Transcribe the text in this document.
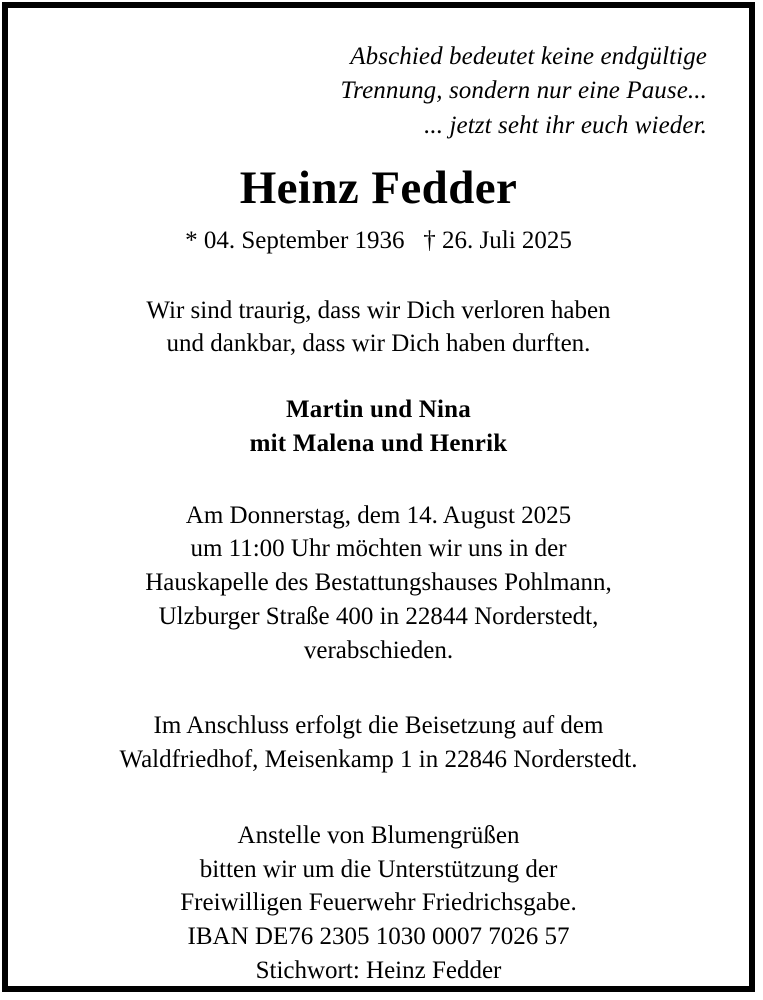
Abschied bedeutet keine endgültige
Trennung, sondern nur eine Pause...
... jetzt seht ihr euch wieder.
Heinz Fedder
* 04. September 1936   † 26. Juli 2025
Wir sind traurig, dass wir Dich verloren haben
und dankbar, dass wir Dich haben durften.
Martin und Nina
mit Malena und Henrik
Am Donnerstag, dem 14. August 2025
um 11:00 Uhr möchten wir uns in der
Hauskapelle des Bestattungshauses Pohlmann,
Ulzburger Straße 400 in 22844 Norderstedt,
verabschieden.
Im Anschluss erfolgt die Beisetzung auf dem
Waldfriedhof, Meisenkamp 1 in 22846 Norderstedt.
Anstelle von Blumengrüßen
bitten wir um die Unterstützung der
Freiwilligen Feuerwehr Friedrichsgabe.
IBAN DE76 2305 1030 0007 7026 57
Stichwort: Heinz Fedder
